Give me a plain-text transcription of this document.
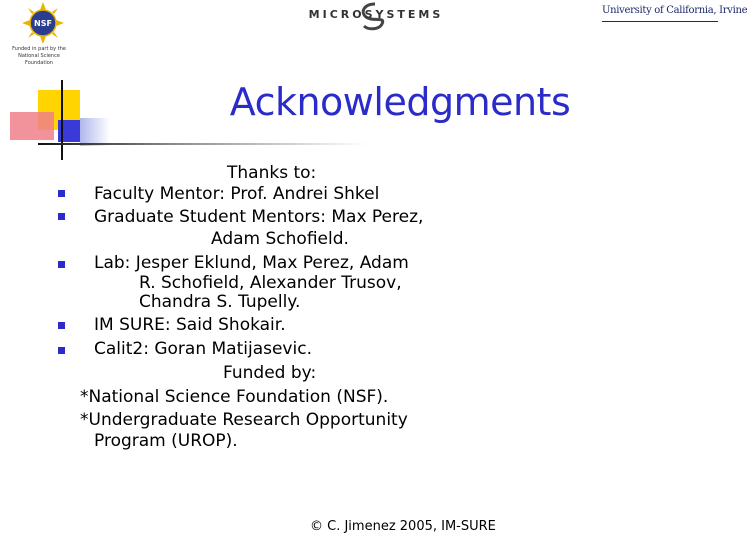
NSF
Funded in part by the National Science Foundation
MICROSYSTEMS	University of California, Irvine
Acknowledgments
Thanks to:
Faculty Mentor: Prof. Andrei Shkel
Graduate Student Mentors: Max Perez,
Adam Schofield.
Lab: Jesper Eklund, Max Perez, Adam
R. Schofield, Alexander Trusov,
Chandra S. Tupelly.
IM SURE: Said Shokair.
Calit2: Goran Matijasevic.
Funded by:
*National Science Foundation (NSF).
*Undergraduate Research Opportunity
Program (UROP).
© C. Jimenez 2005, IM-SURE
